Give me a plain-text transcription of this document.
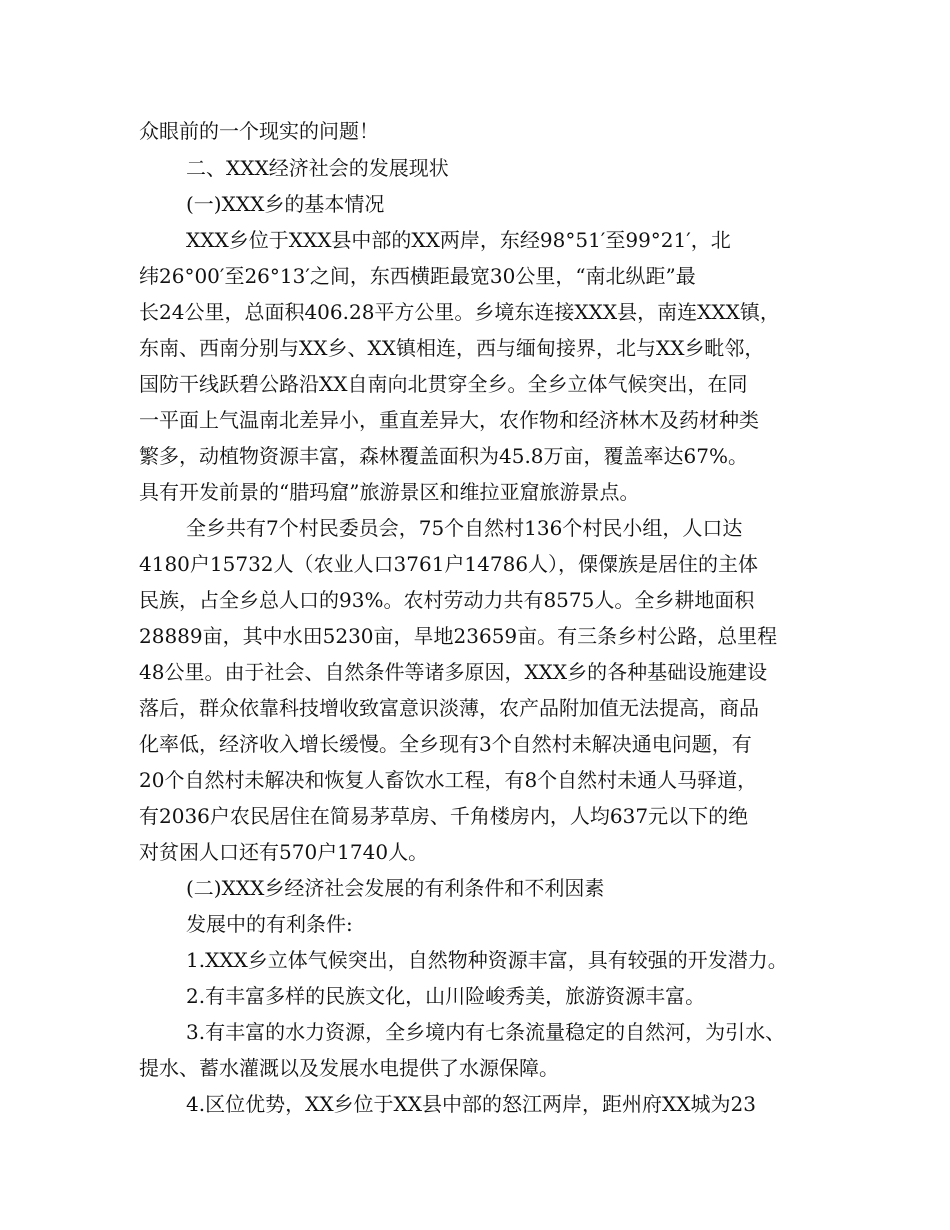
众眼前的一个现实的问题！
二、XXX经济社会的发展现状
(一)XXX乡的基本情况
XXX乡位于XXX县中部的XX两岸，东经98°51′至99°21′，北
纬26°00′至26°13′之间，东西横距最宽30公里，“南北纵距”最
长24公里，总面积406.28平方公里。乡境东连接XXX县，南连XXX镇，
东南、西南分别与XX乡、XX镇相连，西与缅甸接界，北与XX乡毗邻，
国防干线跃碧公路沿XX自南向北贯穿全乡。全乡立体气候突出，在同
一平面上气温南北差异小，重直差异大，农作物和经济林木及药材种类
繁多，动植物资源丰富，森林覆盖面积为45.8万亩，覆盖率达67%。
具有开发前景的“腊玛窟”旅游景区和维拉亚窟旅游景点。
全乡共有7个村民委员会，75个自然村136个村民小组，人口达
4180户15732人（农业人口3761户14786人），傈僳族是居住的主体
民族，占全乡总人口的93%。农村劳动力共有8575人。全乡耕地面积
28889亩，其中水田5230亩，旱地23659亩。有三条乡村公路，总里程
48公里。由于社会、自然条件等诸多原因，XXX乡的各种基础设施建设
落后，群众依靠科技增收致富意识淡薄，农产品附加值无法提高，商品
化率低，经济收入增长缓慢。全乡现有3个自然村未解决通电问题，有
20个自然村未解决和恢复人畜饮水工程，有8个自然村未通人马驿道，
有2036户农民居住在简易茅草房、千角楼房内，人均637元以下的绝
对贫困人口还有570户1740人。
(二)XXX乡经济社会发展的有利条件和不利因素
发展中的有利条件:
1.XXX乡立体气候突出，自然物种资源丰富，具有较强的开发潜力。
2.有丰富多样的民族文化，山川险峻秀美，旅游资源丰富。
3.有丰富的水力资源，全乡境内有七条流量稳定的自然河，为引水、
提水、蓄水灌溉以及发展水电提供了水源保障。
4.区位优势，XX乡位于XX县中部的怒江两岸，距州府XX城为23
